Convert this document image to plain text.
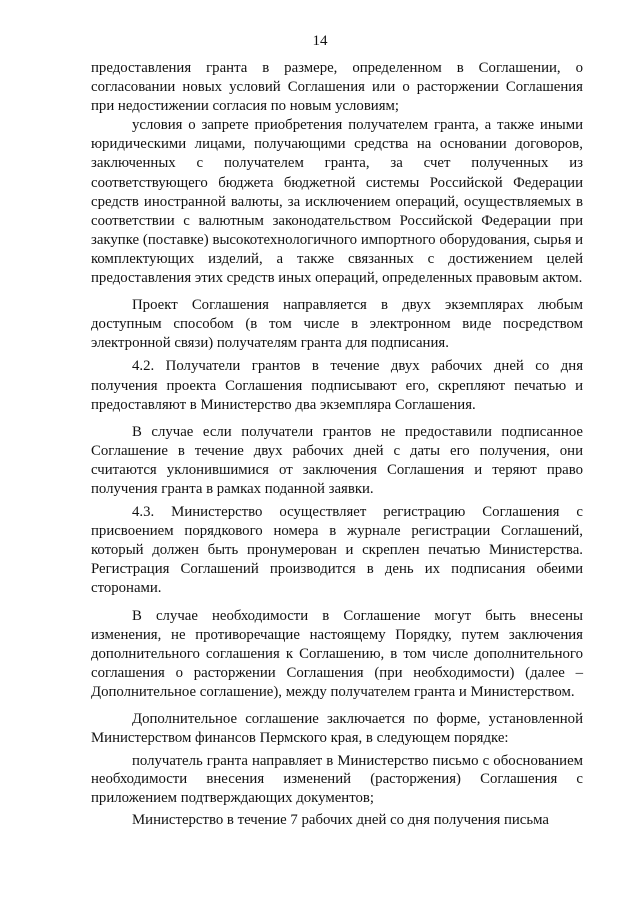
14

предоставления гранта в размере, определенном в Соглашении, о согласовании новых условий Соглашения или о расторжении Соглашения при недостижении согласия по новым условиям;

условия о запрете приобретения получателем гранта, а также иными юридическими лицами, получающими средства на основании договоров, заключенных с получателем гранта, за счет полученных из соответствующего бюджета бюджетной системы Российской Федерации средств иностранной валюты, за исключением операций, осуществляемых в соответствии с валютным законодательством Российской Федерации при закупке (поставке) высокотехнологичного импортного оборудования, сырья и комплектующих изделий, а также связанных с достижением целей предоставления этих средств иных операций, определенных правовым актом.

Проект Соглашения направляется в двух экземплярах любым доступным способом (в том числе в электронном виде посредством электронной связи) получателям гранта для подписания.

4.2. Получатели грантов в течение двух рабочих дней со дня получения проекта Соглашения подписывают его, скрепляют печатью и предоставляют в Министерство два экземпляра Соглашения.

В случае если получатели грантов не предоставили подписанное Соглашение в течение двух рабочих дней с даты его получения, они считаются уклонившимися от заключения Соглашения и теряют право получения гранта в рамках поданной заявки.

4.3. Министерство осуществляет регистрацию Соглашения с присвоением порядкового номера в журнале регистрации Соглашений, который должен быть пронумерован и скреплен печатью Министерства. Регистрация Соглашений производится в день их подписания обеими сторонами.

В случае необходимости в Соглашение могут быть внесены изменения, не противоречащие настоящему Порядку, путем заключения дополнительного соглашения к Соглашению, в том числе дополнительного соглашения о расторжении Соглашения (при необходимости) (далее – Дополнительное соглашение), между получателем гранта и Министерством.

Дополнительное соглашение заключается по форме, установленной Министерством финансов Пермского края, в следующем порядке:

получатель гранта направляет в Министерство письмо с обоснованием необходимости внесения изменений (расторжения) Соглашения с приложением подтверждающих документов;

Министерство в течение 7 рабочих дней со дня получения письма
